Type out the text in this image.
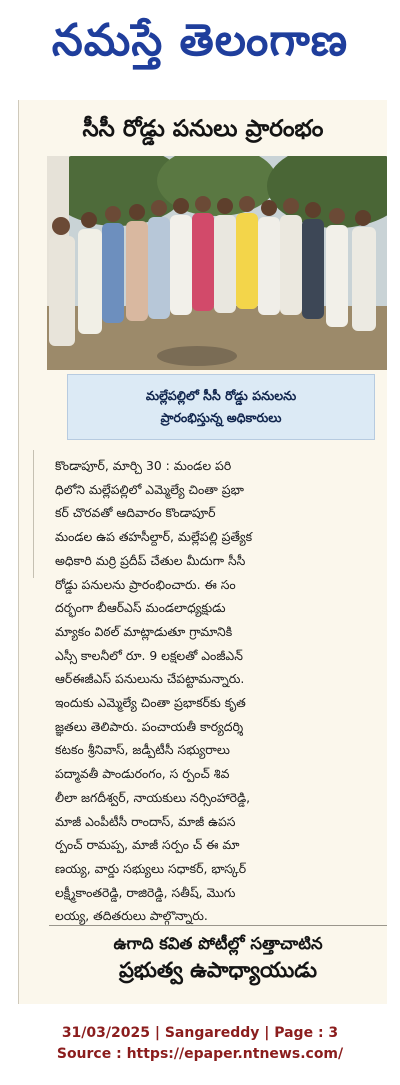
నమస్తే తెలంగాణ
సీసీ రోడ్డు పనులు ప్రారంభం
మల్లేపల్లిలో సీసీ రోడ్డు పనులను
ప్రారంభిస్తున్న అధికారులు
కొండాపూర్, మార్చి 30 : మండల పరి
ధిలోని మల్లేపల్లిలో ఎమ్మెల్యే చింతా ప్రభా
కర్ చొరవతో ఆదివారం కొండాపూర్
మండల ఉప తహసీల్దార్, మల్లేపల్లి ప్రత్యేక
అధికారి మర్రి ప్రదీప్ చేతుల మీదుగా సీసీ
రోడ్డు పనులను ప్రారంభించారు. ఈ సం
దర్భంగా బీఆర్ఎస్ మండలాధ్యక్షుడు
మ్యాకం విఠల్ మాట్లాడుతూ గ్రామానికి
ఎస్సీ కాలనీలో రూ. 9 లక్షలతో ఎంజీఎన్
ఆర్ఈజీఎస్ పనులును చేపట్టామన్నారు.
ఇందుకు ఎమ్మెల్యే చింతా ప్రభాకర్‌కు కృత
జ్ఞతలు తెలిపారు. పంచాయతీ కార్యదర్శి
కటకం శ్రీనివాస్, జడ్పీటీసీ సభ్యురాలు
పద్మావతీ పాండురంగం, స ర్పంచ్ శివ
లీలా జగదీశ్వర్, నాయకులు నర్సింహారెడ్డి,
మాజీ ఎంపీటీసీ రాందాస్, మాజీ ఉపస
ర్పంచ్ రామప్ప, మాజీ సర్పం చ్ ఈ మా
ణయ్య, వార్డు సభ్యులు సధాకర్, భాస్కర్
లక్ష్మీకాంతరెడ్డి, రాజిరెడ్డి, సతీష్, మొగు
లయ్య, తదితరులు పాల్గొన్నారు.
ఉగాది కవిత పోటీల్లో సత్తాచాటిన
ప్రభుత్వ ఉపాధ్యాయుడు
31/03/2025 | Sangareddy | Page : 3
Source : https://epaper.ntnews.com/
